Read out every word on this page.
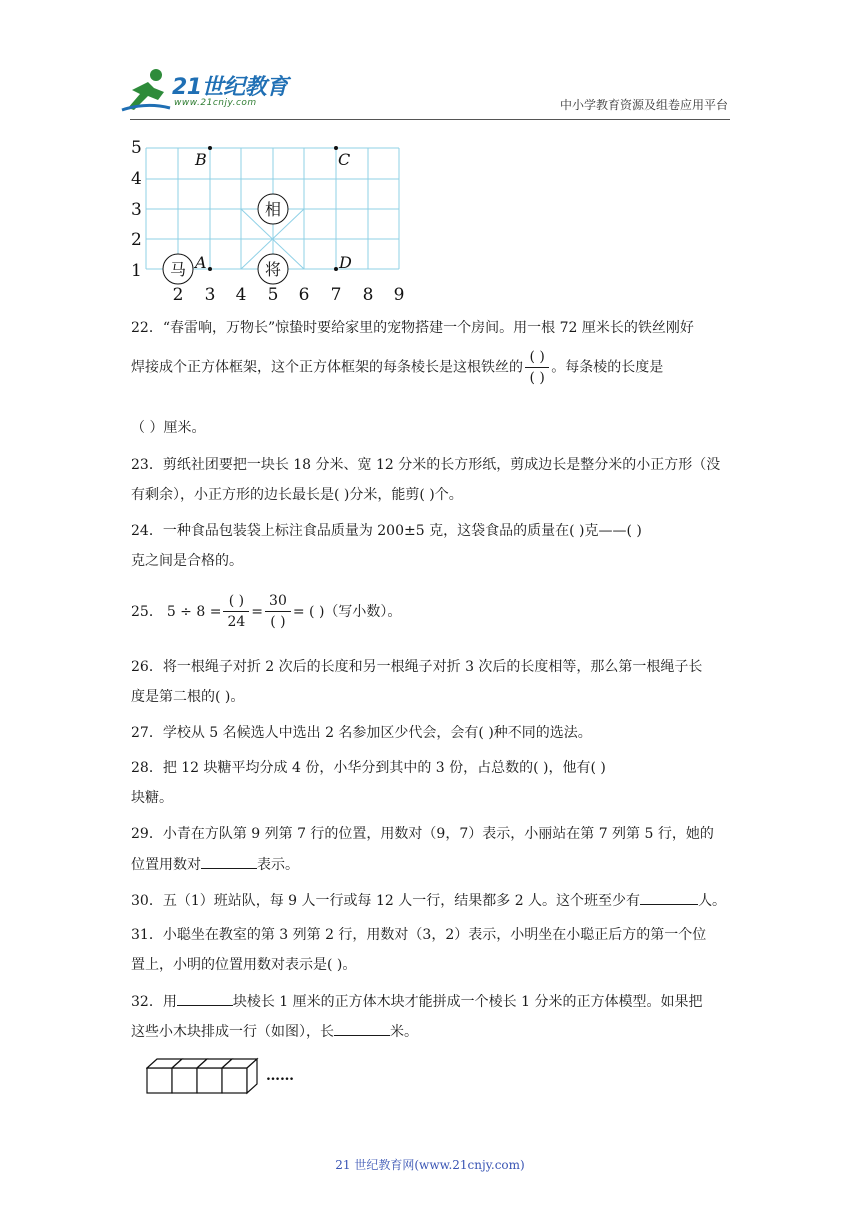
21世纪教育
www.21cnjy.com	中小学教育资源及组卷应用平台
5
4
3
2
1
2 3 4 5 6 7 8 9
B	C
A	D
马
相
将
22．“春雷响，万物长”惊蛰时要给家里的宠物搭建一个房间。用一根 72 厘米长的铁丝刚好
焊接成个正方体框架，这个正方体框架的每条棱长是这根铁丝的 $\frac{( )}{( )}$ 。每条棱的长度是
（ ）厘米。
23．剪纸社团要把一块长 18 分米、宽 12 分米的长方形纸，剪成边长是整分米的小正方形（没
有剩余），小正方形的边长最长是( )分米，能剪( )个。
24．一种食品包装袋上标注食品质量为 200±5 克，这袋食品的质量在( )克——( )
克之间是合格的。
25． $5 \div 8 = \frac{( )}{24} = \frac{30}{( )}$ = ( )（写小数）。
26．将一根绳子对折 2 次后的长度和另一根绳子对折 3 次后的长度相等，那么第一根绳子长
度是第二根的( )。
27．学校从 5 名候选人中选出 2 名参加区少代会，会有( )种不同的选法。
28．把 12 块糖平均分成 4 份，小华分到其中的 3 份，占总数的( )，他有( )
块糖。
29．小青在方队第 9 列第 7 行的位置，用数对（9，7）表示，小丽站在第 7 列第 5 行，她的
位置用数对	表示。
30．五（1）班站队，每 9 人一行或每 12 人一行，结果都多 2 人。这个班至少有	人。
31．小聪坐在教室的第 3 列第 2 行，用数对（3，2）表示，小明坐在小聪正后方的第一个位
置上，小明的位置用数对表示是( )。
32．用	块棱长 1 厘米的正方体木块才能拼成一个棱长 1 分米的正方体模型。如果把
这些小木块排成一行（如图），长	米。
……
21 世纪教育网(www.21cnjy.com)
